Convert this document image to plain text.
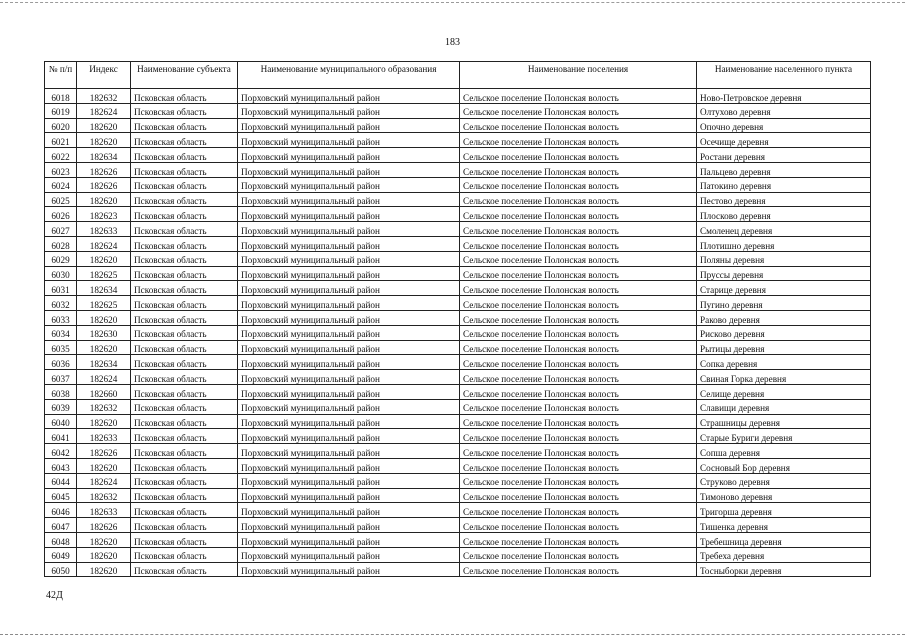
183
№ п/п	Индекс	Наименование субъекта	Наименование муниципального образования	Наименование поселения	Наименование населенного пункта
6018	182632	Псковская область	Порховский муниципальный район	Сельское поселение Полонская волость	Ново-Петровское деревня
6019	182624	Псковская область	Порховский муниципальный район	Сельское поселение Полонская волость	Олтухово деревня
6020	182620	Псковская область	Порховский муниципальный район	Сельское поселение Полонская волость	Опочно деревня
6021	182620	Псковская область	Порховский муниципальный район	Сельское поселение Полонская волость	Осечище деревня
6022	182634	Псковская область	Порховский муниципальный район	Сельское поселение Полонская волость	Ростани деревня
6023	182626	Псковская область	Порховский муниципальный район	Сельское поселение Полонская волость	Пальцево деревня
6024	182626	Псковская область	Порховский муниципальный район	Сельское поселение Полонская волость	Патокино деревня
6025	182620	Псковская область	Порховский муниципальный район	Сельское поселение Полонская волость	Пестово деревня
6026	182623	Псковская область	Порховский муниципальный район	Сельское поселение Полонская волость	Плосково деревня
6027	182633	Псковская область	Порховский муниципальный район	Сельское поселение Полонская волость	Смоленец деревня
6028	182624	Псковская область	Порховский муниципальный район	Сельское поселение Полонская волость	Плотишно деревня
6029	182620	Псковская область	Порховский муниципальный район	Сельское поселение Полонская волость	Поляны деревня
6030	182625	Псковская область	Порховский муниципальный район	Сельское поселение Полонская волость	Пруссы деревня
6031	182634	Псковская область	Порховский муниципальный район	Сельское поселение Полонская волость	Старице деревня
6032	182625	Псковская область	Порховский муниципальный район	Сельское поселение Полонская волость	Пугино деревня
6033	182620	Псковская область	Порховский муниципальный район	Сельское поселение Полонская волость	Раково деревня
6034	182630	Псковская область	Порховский муниципальный район	Сельское поселение Полонская волость	Рисково деревня
6035	182620	Псковская область	Порховский муниципальный район	Сельское поселение Полонская волость	Рытицы деревня
6036	182634	Псковская область	Порховский муниципальный район	Сельское поселение Полонская волость	Сопка деревня
6037	182624	Псковская область	Порховский муниципальный район	Сельское поселение Полонская волость	Свиная Горка деревня
6038	182660	Псковская область	Порховский муниципальный район	Сельское поселение Полонская волость	Селище деревня
6039	182632	Псковская область	Порховский муниципальный район	Сельское поселение Полонская волость	Славищи деревня
6040	182620	Псковская область	Порховский муниципальный район	Сельское поселение Полонская волость	Страшницы деревня
6041	182633	Псковская область	Порховский муниципальный район	Сельское поселение Полонская волость	Старые Буриги деревня
6042	182626	Псковская область	Порховский муниципальный район	Сельское поселение Полонская волость	Сопша деревня
6043	182620	Псковская область	Порховский муниципальный район	Сельское поселение Полонская волость	Сосновый Бор деревня
6044	182624	Псковская область	Порховский муниципальный район	Сельское поселение Полонская волость	Струково деревня
6045	182632	Псковская область	Порховский муниципальный район	Сельское поселение Полонская волость	Тимоново деревня
6046	182633	Псковская область	Порховский муниципальный район	Сельское поселение Полонская волость	Тригорша деревня
6047	182626	Псковская область	Порховский муниципальный район	Сельское поселение Полонская волость	Тишенка деревня
6048	182620	Псковская область	Порховский муниципальный район	Сельское поселение Полонская волость	Требешница деревня
6049	182620	Псковская область	Порховский муниципальный район	Сельское поселение Полонская волость	Требеха деревня
6050	182620	Псковская область	Порховский муниципальный район	Сельское поселение Полонская волость	Тосныборки деревня
42Д
